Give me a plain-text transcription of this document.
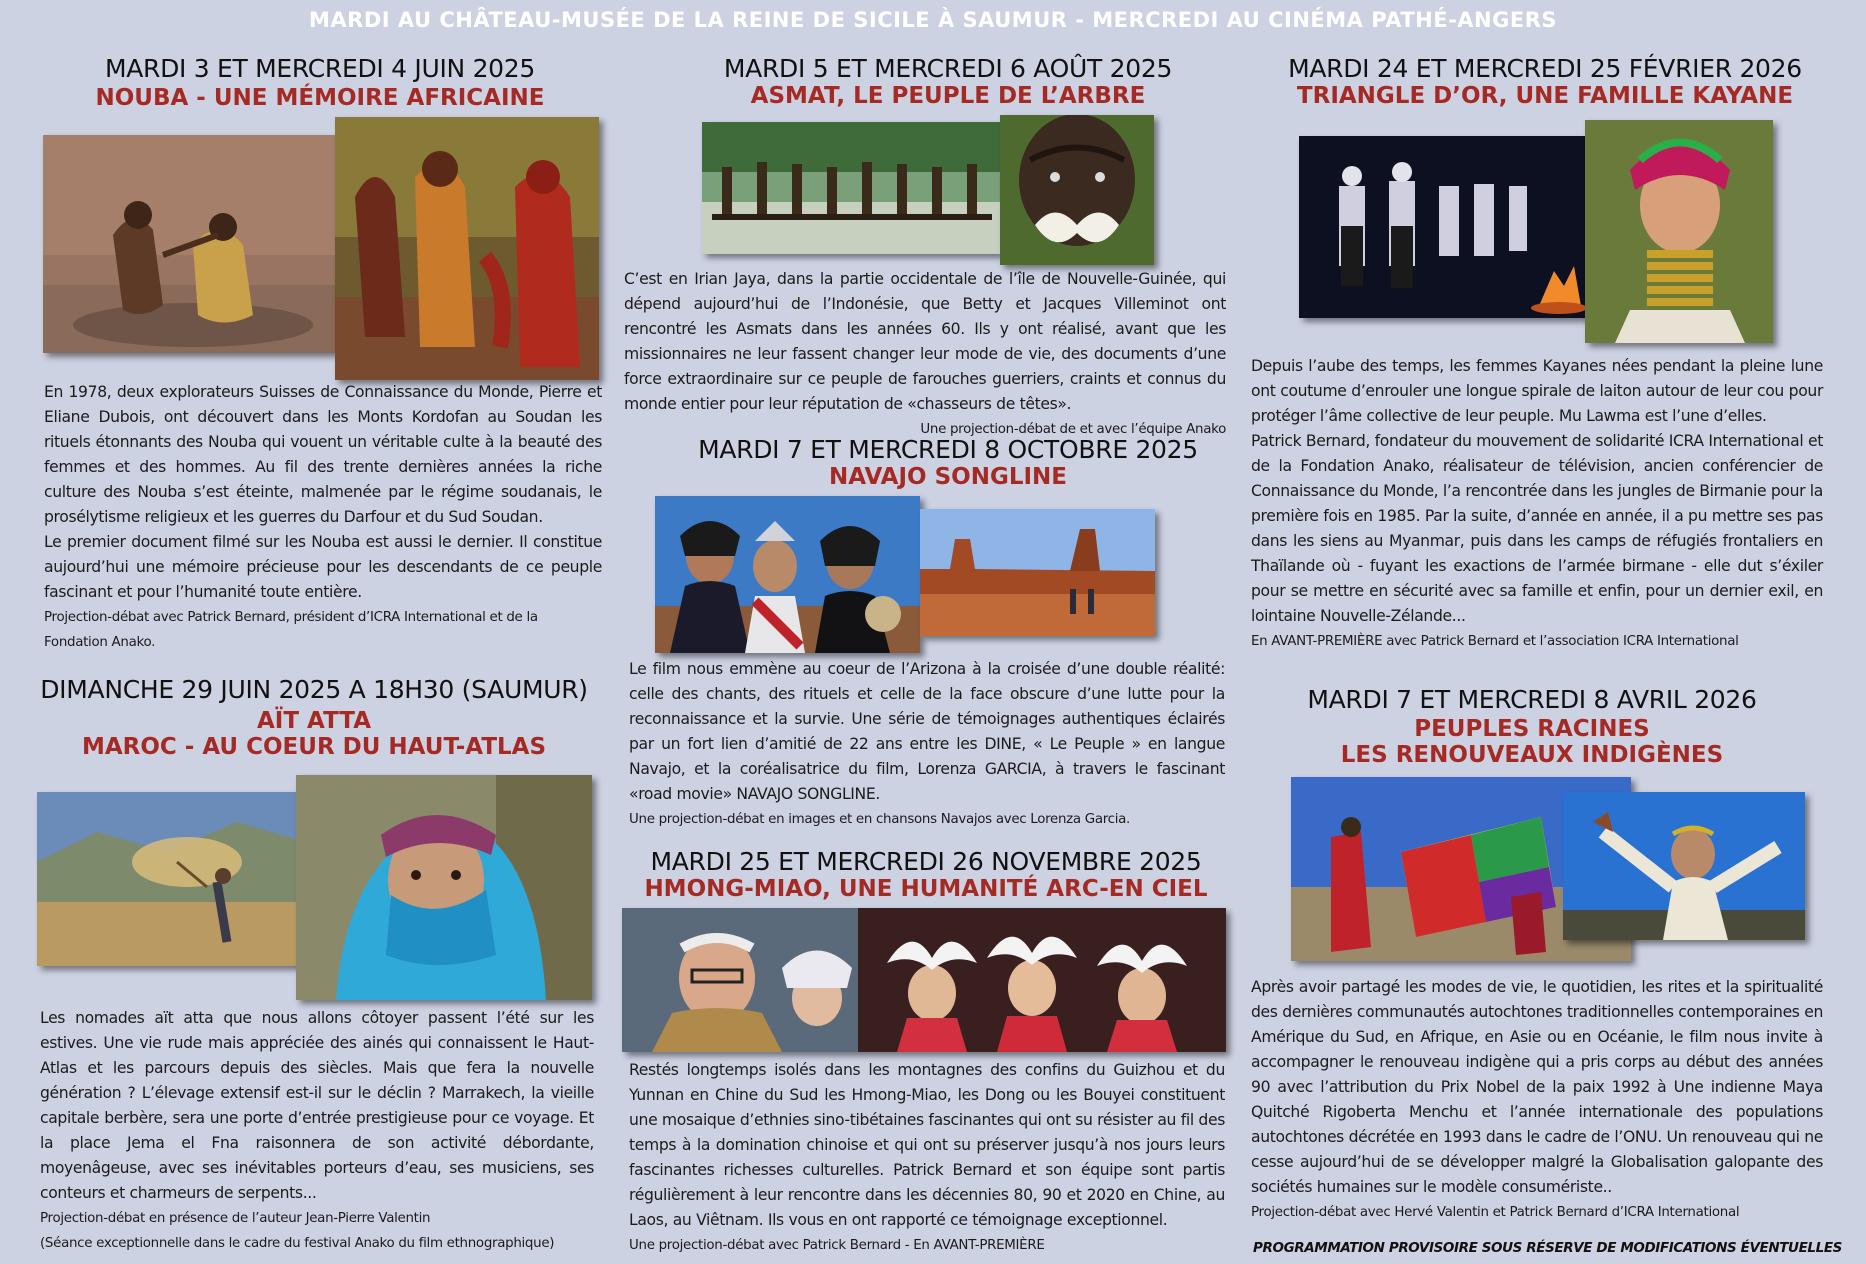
MARDI AU CHÂTEAU-MUSÉE DE LA REINE DE SICILE À SAUMUR - MERCREDI AU CINÉMA PATHÉ-ANGERS
MARDI 3 ET MERCREDI 4 JUIN 2025
NOUBA - UNE MÉMOIRE AFRICAINE
En 1978, deux explorateurs Suisses de Connaissance du Monde, Pierre et Eliane Dubois, ont découvert dans les Monts Kordofan au Soudan les rituels étonnants des Nouba qui vouent un véritable culte à la beauté des femmes et des hommes. Au fil des trente dernières années la riche culture des Nouba s’est éteinte, malmenée par le régime soudanais, le prosélytisme religieux et les guerres du Darfour et du Sud Soudan.
Le premier document filmé sur les Nouba est aussi le dernier. Il constitue aujourd’hui une mémoire précieuse pour les descendants de ce peuple fascinant et pour l’humanité toute entière.
Projection-débat avec Patrick Bernard, président d’ICRA International et de la Fondation Anako.
DIMANCHE 29 JUIN 2025 A 18H30 (SAUMUR)
AÏT ATTA
MAROC - AU COEUR DU HAUT-ATLAS
Les nomades aït atta que nous allons côtoyer passent l’été sur les estives. Une vie rude mais appréciée des ainés qui connaissent le Haut-Atlas et les parcours depuis des siècles. Mais que fera la nouvelle génération ? L’élevage extensif est-il sur le déclin ? Marrakech, la vieille capitale berbère, sera une porte d’entrée prestigieuse pour ce voyage. Et la place Jema el Fna raisonnera de son activité débordante, moyenâgeuse, avec ses inévitables porteurs d’eau, ses musiciens, ses conteurs et charmeurs de serpents...
Projection-débat en présence de l’auteur Jean-Pierre Valentin
(Séance exceptionnelle dans le cadre du festival Anako du film ethnographique)
MARDI 5 ET MERCREDI 6 AOÛT 2025
ASMAT, LE PEUPLE DE L’ARBRE
C’est en Irian Jaya, dans la partie occidentale de l’île de Nouvelle-Guinée, qui dépend aujourd’hui de l’Indonésie, que Betty et Jacques Villeminot ont rencontré les Asmats dans les années 60. Ils y ont réalisé, avant que les missionnaires ne leur fassent changer leur mode de vie, des documents d’une force extraordinaire sur ce peuple de farouches guerriers, craints et connus du monde entier pour leur réputation de «chasseurs de têtes».
Une projection-débat de et avec l’équipe Anako
MARDI 7 ET MERCREDI 8 OCTOBRE 2025
NAVAJO SONGLINE
Le film nous emmène au coeur de l’Arizona à la croisée d’une double réalité: celle des chants, des rituels et celle de la face obscure d’une lutte pour la reconnaissance et la survie. Une série de témoignages authentiques éclairés par un fort lien d’amitié de 22 ans entre les DINE, « Le Peuple » en langue Navajo, et la coréalisatrice du film, Lorenza GARCIA, à travers le fascinant «road movie» NAVAJO SONGLINE.
Une projection-débat en images et en chansons Navajos avec Lorenza Garcia.
MARDI 25 ET MERCREDI 26 NOVEMBRE 2025
HMONG-MIAO, UNE HUMANITÉ ARC-EN CIEL
Restés longtemps isolés dans les montagnes des confins du Guizhou et du Yunnan en Chine du Sud les Hmong-Miao, les Dong ou les Bouyei constituent une mosaique d’ethnies sino-tibétaines fascinantes qui ont su résister au fil des temps à la domination chinoise et qui ont su préserver jusqu’à nos jours leurs fascinantes richesses culturelles. Patrick Bernard et son équipe sont partis régulièrement à leur rencontre dans les décennies 80, 90 et 2020 en Chine, au Laos, au Viêtnam. Ils vous en ont rapporté ce témoignage exceptionnel.
Une projection-débat avec Patrick Bernard - En AVANT-PREMIÈRE
MARDI 24 ET MERCREDI 25 FÉVRIER 2026
TRIANGLE D’OR, UNE FAMILLE KAYANE
Depuis l’aube des temps, les femmes Kayanes nées pendant la pleine lune ont coutume d’enrouler une longue spirale de laiton autour de leur cou pour protéger l’âme collective de leur peuple. Mu Lawma est l’une d’elles.
Patrick Bernard, fondateur du mouvement de solidarité ICRA International et de la Fondation Anako, réalisateur de télévision, ancien conférencier de Connaissance du Monde, l’a rencontrée dans les jungles de Birmanie pour la première fois en 1985. Par la suite, d’année en année, il a pu mettre ses pas dans les siens au Myanmar, puis dans les camps de réfugiés frontaliers en Thaïlande où - fuyant les exactions de l’armée birmane - elle dut s’éxiler pour se mettre en sécurité avec sa famille et enfin, pour un dernier exil, en lointaine Nouvelle-Zélande...
En AVANT-PREMIÈRE avec Patrick Bernard et l’association ICRA International
MARDI 7 ET MERCREDI 8 AVRIL 2026
PEUPLES RACINES
LES RENOUVEAUX INDIGÈNES
Après avoir partagé les modes de vie, le quotidien, les rites et la spiritualité des dernières communautés autochtones traditionnelles contemporaines en Amérique du Sud, en Afrique, en Asie ou en Océanie, le film nous invite à accompagner le renouveau indigène qui a pris corps au début des années 90 avec l’attribution du Prix Nobel de la paix 1992 à Une indienne Maya Quitché Rigoberta Menchu et l’année internationale des populations autochtones décrétée en 1993 dans le cadre de l’ONU. Un renouveau qui ne cesse aujourd’hui de se développer malgré la Globalisation galopante des sociétés humaines sur le modèle consumériste..
Projection-débat avec Hervé Valentin et Patrick Bernard d’ICRA International
PROGRAMMATION PROVISOIRE SOUS RÉSERVE DE MODIFICATIONS ÉVENTUELLES
